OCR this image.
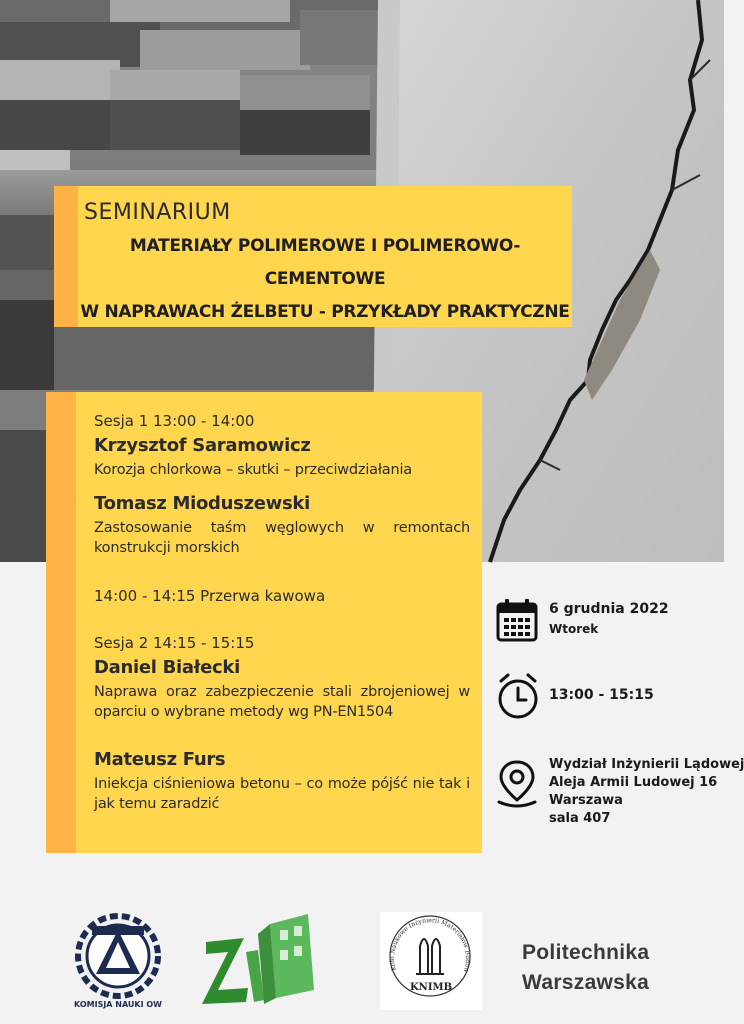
SEMINARIUM
MATERIAŁY POLIMEROWE I POLIMEROWO-CEMENTOWE
W NAPRAWACH ŻELBETU - PRZYKŁADY PRAKTYCZNE
Sesja 1 13:00 - 14:00
Krzysztof Saramowicz
Korozja chlorkowa – skutki – przeciwdziałania
Tomasz Mioduszewski
Zastosowanie taśm węglowych w remontach konstrukcji morskich
14:00 - 14:15 Przerwa kawowa
Sesja 2 14:15 - 15:15
Daniel Białecki
Naprawa oraz zabezpieczenie stali zbrojeniowej w oparciu o wybrane metody wg PN-EN1504
Mateusz Furs
Iniekcja ciśnieniowa betonu – co może pójść nie tak i jak temu zaradzić
6 grudnia 2022
Wtorek
13:00 - 15:15
Wydział Inżynierii Lądowej
Aleja Armii Ludowej 16
Warszawa
sala 407
KOMISJA NAUKI OW
Koło Naukowe Inżynierii Materiałów Budow
KNIMB
Politechnika
Warszawska
